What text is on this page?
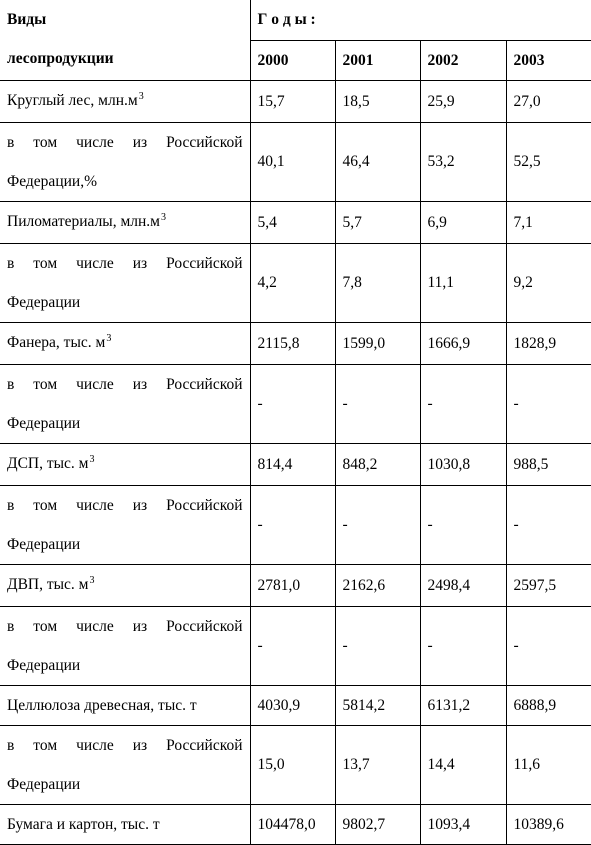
Виды
лесопродукции	Г о д ы :			
	2000	2001	2002	2003
Круглый лес, $млн.м^3$	15,7	18,5	25,9	27,0
в том числе из Российской Федерации,%	40,1	46,4	53,2	52,5
Пиломатериалы, $млн.м^3$	5,4	5,7	6,9	7,1
в том числе из Российской Федерации	4,2	7,8	11,1	9,2
Фанера, тыс. $м^3$	2115,8	1599,0	1666,9	1828,9
в том числе из Российской Федерации	-	-	-	-
ДСП, тыс. $м^3$	814,4	848,2	1030,8	988,5
в том числе из Российской Федерации	-	-	-	-
ДВП, тыс. $м^3$	2781,0	2162,6	2498,4	2597,5
в том числе из Российской Федерации	-	-	-	-
Целлюлоза древесная, тыс. т	4030,9	5814,2	6131,2	6888,9
в том числе из Российской Федерации	15,0	13,7	14,4	11,6
Бумага и картон, тыс. т	104478,0	9802,7	1093,4	10389,6
